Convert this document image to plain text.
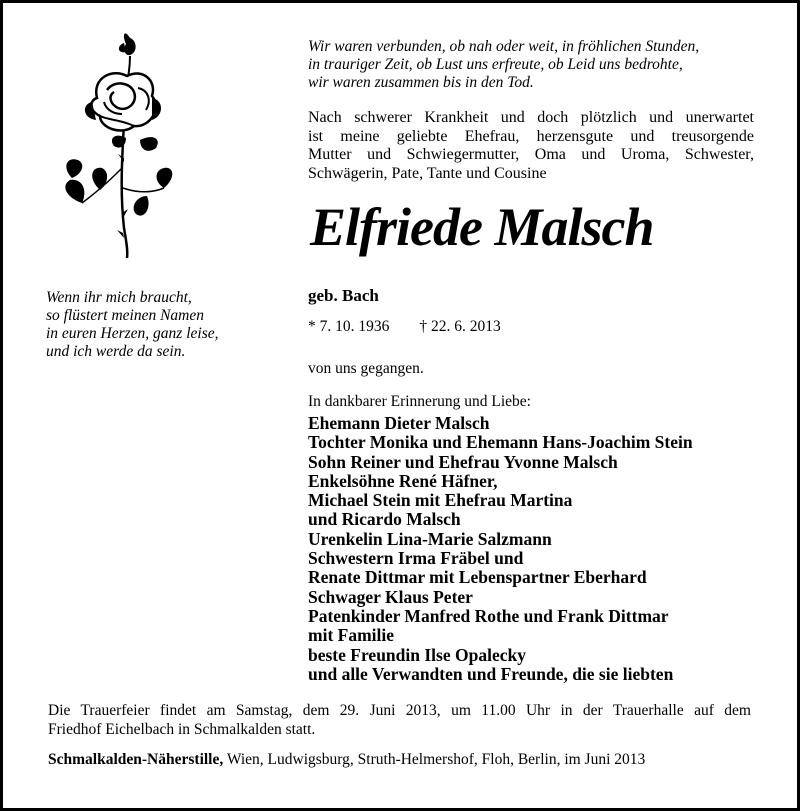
Wir waren verbunden, ob nah oder weit, in fröhlichen Stunden,
in trauriger Zeit, ob Lust uns erfreute, ob Leid uns bedrohte,
wir waren zusammen bis in den Tod.
Nach schwerer Krankheit und doch plötzlich und unerwartet
ist meine geliebte Ehefrau, herzensgute und treusorgende
Mutter und Schwiegermutter, Oma und Uroma, Schwester,
Schwägerin, Pate, Tante und Cousine
Elfriede Malsch
Wenn ihr mich braucht,
so flüstert meinen Namen
in euren Herzen, ganz leise,
und ich werde da sein.
geb. Bach
* 7. 10. 1936 † 22. 6. 2013
von uns gegangen.
In dankbarer Erinnerung und Liebe:
Ehemann Dieter Malsch
Tochter Monika und Ehemann Hans-Joachim Stein
Sohn Reiner und Ehefrau Yvonne Malsch
Enkelsöhne René Häfner,
Michael Stein mit Ehefrau Martina
und Ricardo Malsch
Urenkelin Lina-Marie Salzmann
Schwestern Irma Fräbel und
Renate Dittmar mit Lebenspartner Eberhard
Schwager Klaus Peter
Patenkinder Manfred Rothe und Frank Dittmar
mit Familie
beste Freundin Ilse Opalecky
und alle Verwandten und Freunde, die sie liebten
Die Trauerfeier findet am Samstag, dem 29. Juni 2013, um 11.00 Uhr in der Trauerhalle auf dem
Friedhof Eichelbach in Schmalkalden statt.
Schmalkalden-Näherstille, Wien, Ludwigsburg, Struth-Helmershof, Floh, Berlin, im Juni 2013
